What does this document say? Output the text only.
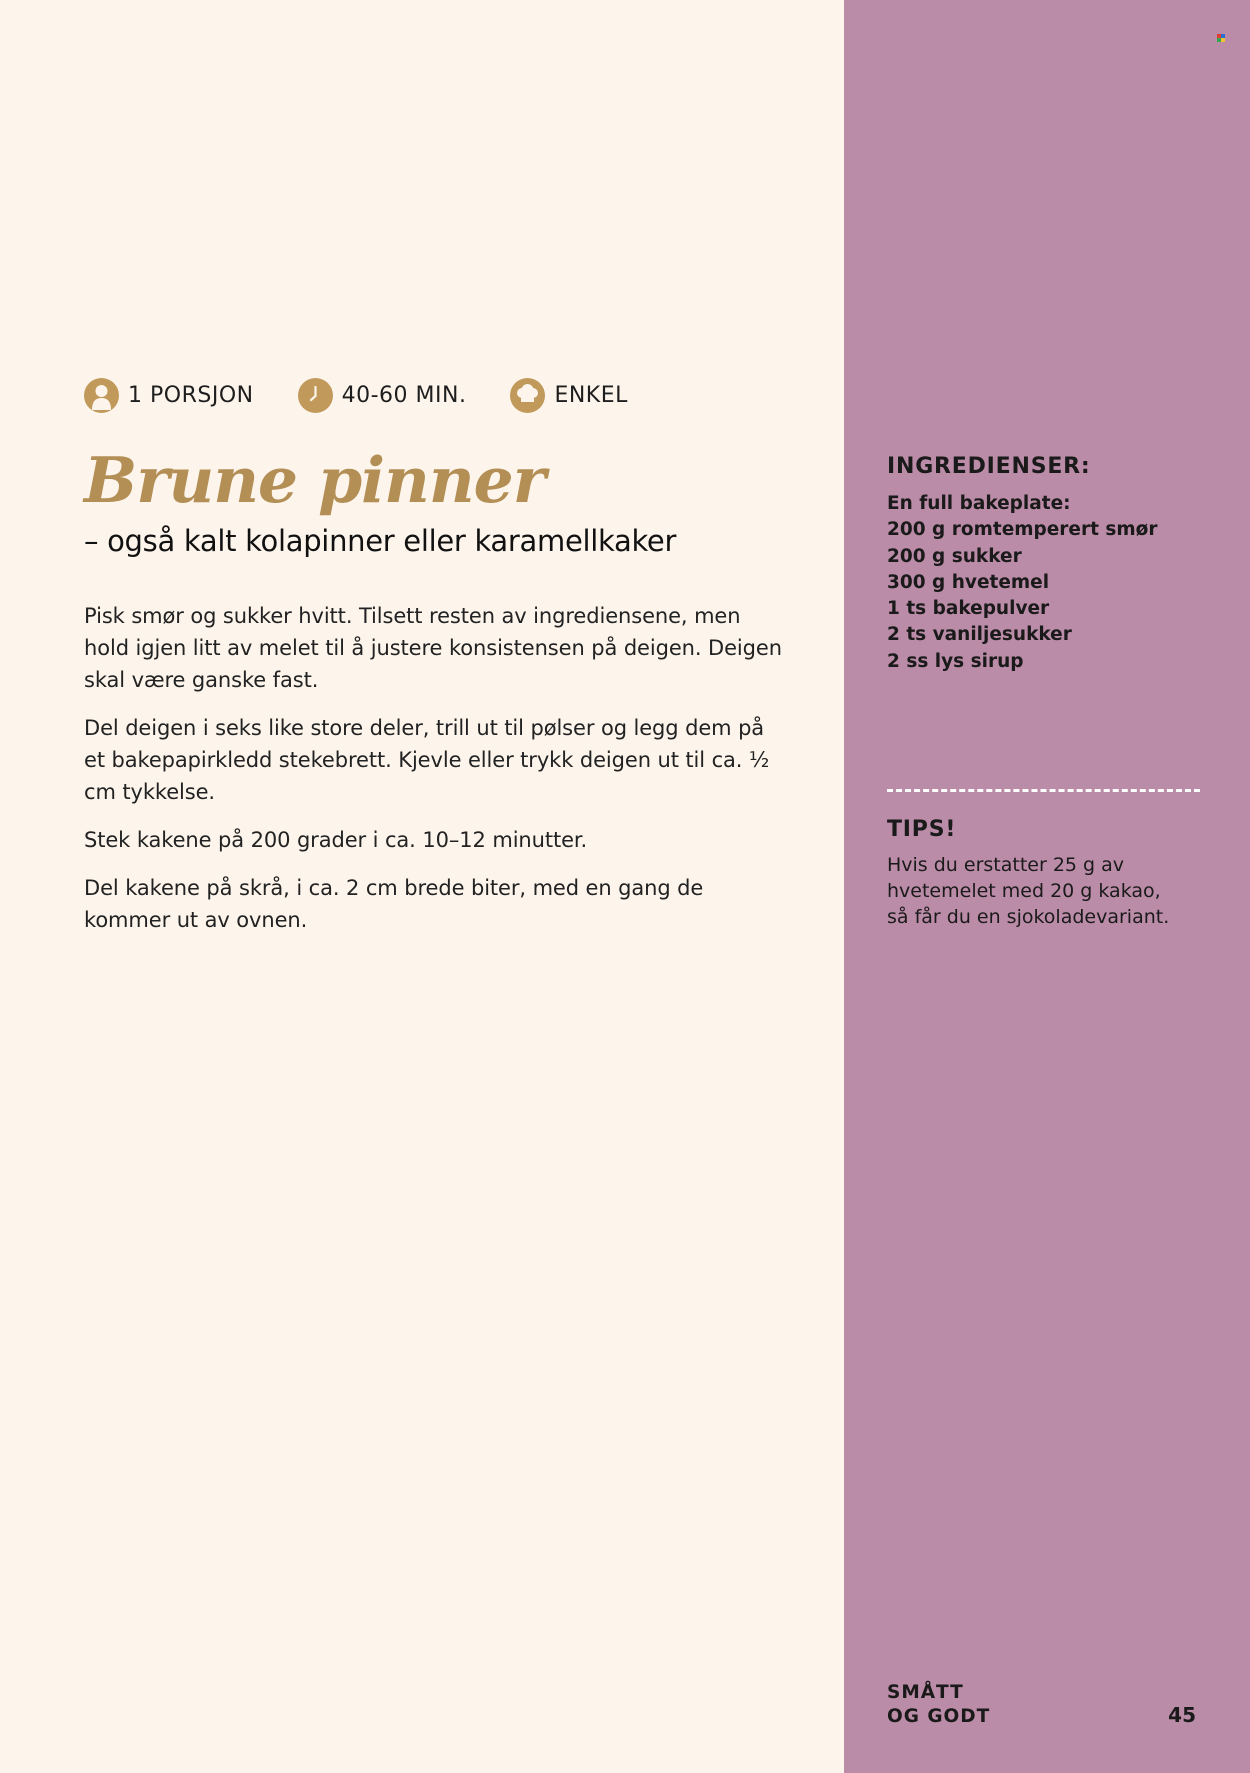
1 PORSJON	40-60 MIN.	ENKEL
Brune pinner
– også kalt kolapinner eller karamellkaker

Pisk smør og sukker hvitt. Tilsett resten av ingrediensene, men hold igjen litt av melet til å justere konsistensen på deigen. Deigen skal være ganske fast.

Del deigen i seks like store deler, trill ut til pølser og legg dem på et bakepapirkledd stekebrett. Kjevle eller trykk deigen ut til ca. ½ cm tykkelse.

Stek kakene på 200 grader i ca. 10–12 minutter.

Del kakene på skrå, i ca. 2 cm brede biter, med en gang de kommer ut av ovnen.

INGREDIENSER:
En full bakeplate:
200 g romtemperert smør
200 g sukker
300 g hvetemel
1 ts bakepulver
2 ts vaniljesukker
2 ss lys sirup
TIPS!

Hvis du erstatter 25 g av hvetemelet med 20 g kakao, så får du en sjokoladevariant.

SMÅTT
OG GODT	45
